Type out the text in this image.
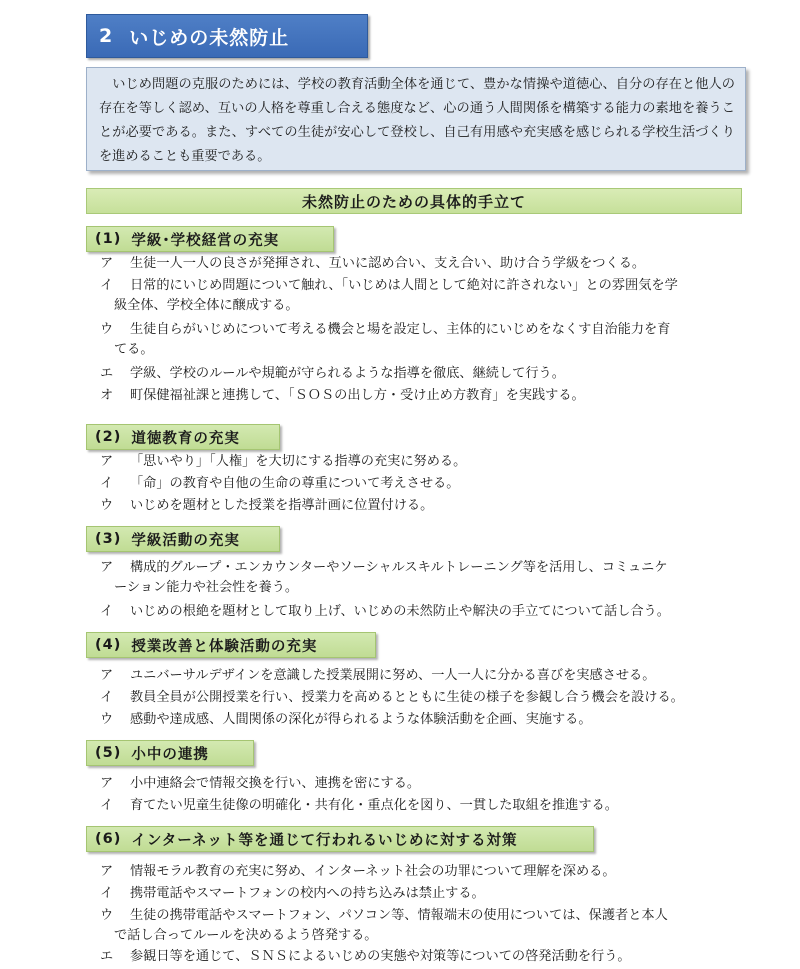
2 いじめの未然防止
いじめ問題の克服のためには、学校の教育活動全体を通じて、豊かな情操や道徳心、自分の存在と他人の存在を等しく認め、互いの人格を尊重し合える態度など、心の通う人間関係を構築する能力の素地を養うことが必要である。また、すべての生徒が安心して登校し、自己有用感や充実感を感じられる学校生活づくりを進めることも重要である。
未然防止のための具体的手立て
(1) 学級･学校経営の充実
ア 生徒一人一人の良さが発揮され、互いに認め合い、支え合い、助け合う学級をつくる。
イ 日常的にいじめ問題について触れ、「いじめは人間として絶対に許されない」との雰囲気を学
級全体、学校全体に醸成する。
ウ 生徒自らがいじめについて考える機会と場を設定し、主体的にいじめをなくす自治能力を育
てる。
エ 学級、学校のルールや規範が守られるような指導を徹底、継続して行う。
オ 町保健福祉課と連携して、「ＳＯＳの出し方・受け止め方教育」を実践する。
(2) 道徳教育の充実
ア 「思いやり」「人権」を大切にする指導の充実に努める。
イ 「命」の教育や自他の生命の尊重について考えさせる。
ウ いじめを題材とした授業を指導計画に位置付ける。
(3) 学級活動の充実
ア 構成的グループ・エンカウンターやソーシャルスキルトレーニング等を活用し、コミュニケ
ーション能力や社会性を養う。
イ いじめの根絶を題材として取り上げ、いじめの未然防止や解決の手立てについて話し合う。
(4) 授業改善と体験活動の充実
ア ユニバーサルデザインを意識した授業展開に努め、一人一人に分かる喜びを実感させる。
イ 教員全員が公開授業を行い、授業力を高めるとともに生徒の様子を参観し合う機会を設ける。
ウ 感動や達成感、人間関係の深化が得られるような体験活動を企画、実施する。
(5) 小中の連携
ア 小中連絡会で情報交換を行い、連携を密にする。
イ 育てたい児童生徒像の明確化・共有化・重点化を図り、一貫した取組を推進する。
(6) インターネット等を通じて行われるいじめに対する対策
ア 情報モラル教育の充実に努め、インターネット社会の功罪について理解を深める。
イ 携帯電話やスマートフォンの校内への持ち込みは禁止する。
ウ 生徒の携帯電話やスマートフォン、パソコン等、情報端末の使用については、保護者と本人
で話し合ってルールを決めるよう啓発する。
エ 参観日等を通じて、ＳＮＳによるいじめの実態や対策等についての啓発活動を行う。
